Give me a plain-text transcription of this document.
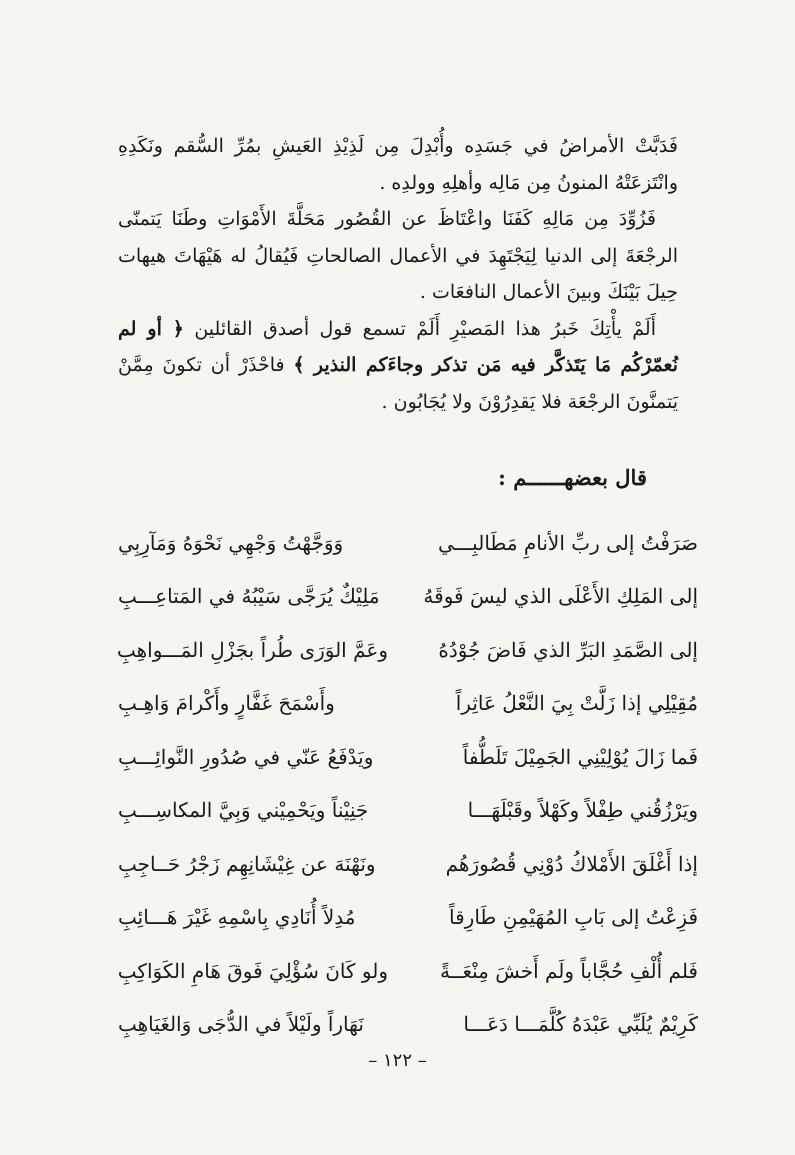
فَدَبَّتْ الأمراضُ في جَسَدِه وأُبْدِلَ مِن لَذِيْذِ العَيشِ بمُرِّ السُّقم ونَكَدِهِ وانْتَزعَتْهُ المنونُ مِن مَالِه وأهلِهِ وولدِه .

فَزُوِّدَ مِن مَالِهِ كَفَنَا واعْتَاظَ عن القُصُور مَحَلَّةَ الأَمْوَاتِ وطَنَا يَتمنّى الرجْعَةَ إلى الدنيا لِيَجْتَهِدَ في الأعمال الصالحاتِ فَيُقالُ له هَيْهَاتَ هيهات حِيلَ بَيْنَكَ وبينَ الأعمال النافعَات .

أَلَمْ يأْتِكَ خَبرُ هذا المَصيْرِ أَلَمْ تسمع قول أصدق القائلين ﴿ أو لم نُعمّرْكُم مَا يَتَذكَّر فيه مَن تذكر وجاءَكم النذير ﴾ فاحْذَرْ أن تكونَ مِمَّنْ يَتمنَّونَ الرجْعَة فلا يَقدِرُوْنَ ولا يُجَابُون .

قال بعضهــــــم :
صَرَفْتُ إلى ربِّ الأنامِ مَطَالبِـــي
وَوَجَّهْتُ وَجْهِي نَحْوَهُ وَمَآرِبِي
إلى المَلِكِ الأَعْلَى الذي ليسَ فَوقَهُ
مَلِيْكٌ يُرَجَّى سَيْبُهُ في المَتاعِـــبِ
إلى الصَّمَدِ البَرِّ الذي فَاضَ جُوْدُهُ
وعَمَّ الوَرَى طُراً بجَزْلِ المَـــواهِبِ
مُقِيْلِي إذا زَلَّتْ بِيَ النَّعْلُ عَاثِراً
وأَسْمَحَ غَفَّارٍ وأَكْرامَ وَاهِـبِ
فَما زَالَ يُوْلِيْنِي الجَمِيْلَ تَلَطُّفاً
ويَدْفَعُ عَنّي في صُدُورِ النَّوائِـــبِ
ويَرْزُقُني طِفْلاً وكَهْلاً وقَبْلَهَـــا
جَنِيْناً ويَحْمِيْني وَبِيَّ المكاسِـــبِ
إذا أَغْلَقَ الأَمْلاكُ دُوْنِي قُصُورَهُم
ونَهْنَهَ عن غِيْشَانِهِم زَجْرُ حَــاجِبِ
فَزِعْتُ إلى بَابِ المُهَيْمِنِ طَارِقاً
مُدِلاً أُنَادِي بِاسْمِهِ غَيْرَ هَـــائِبِ
فَلم أُلْفِ حُجَّاباً ولَم أَخشَ مِنْعَــةً
ولو كَانَ سُؤْلِيَ فَوقَ هَامِ الكَوَاكِبِ
كَرِيْمٌ يُلَبِّي عَبْدَهُ كُلَّمَـــا دَعَـــا
نَهَاراً ولَيْلاً في الدُّجَى وَالغَيَاهِبِ
– ١٢٢ –
